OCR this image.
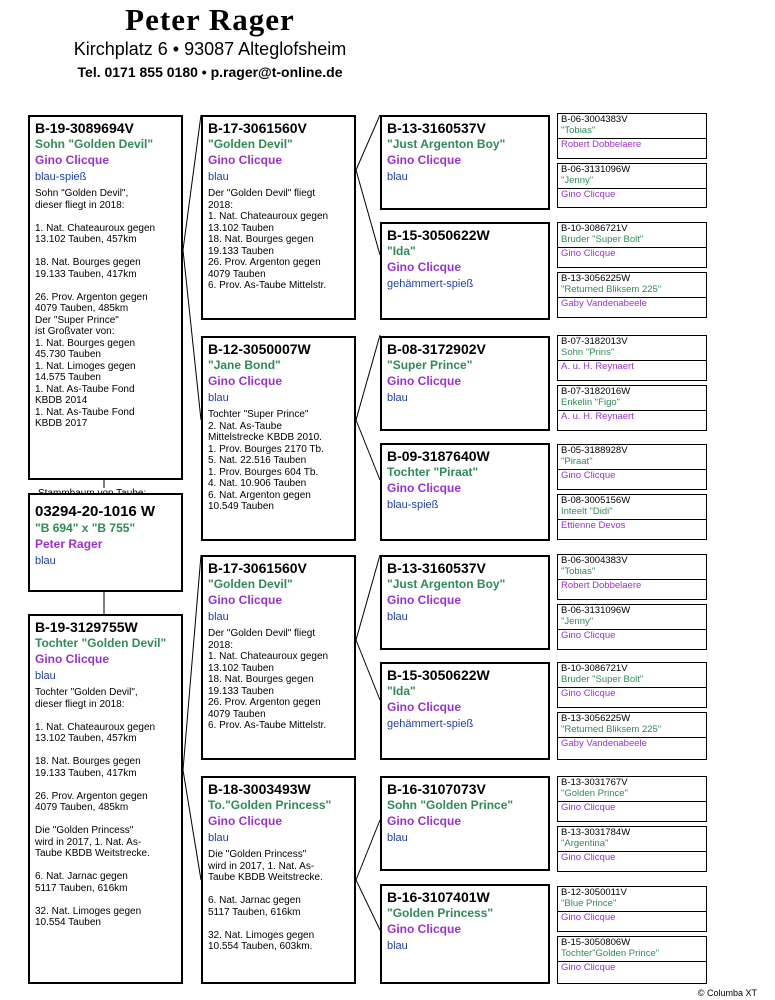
Peter Rager
Kirchplatz 6 • 93087 Alteglofsheim
Tel. 0171 855 0180 • p.rager@t-online.de
B-19-3089694V
Sohn "Golden Devil"
Gino Clicque
blau-spieß
Sohn "Golden Devil",
dieser fliegt in 2018:

1. Nat. Chateauroux gegen
13.102 Tauben, 457km

18. Nat. Bourges gegen
19.133 Tauben, 417km

26. Prov. Argenton gegen
4079 Tauben, 485km
Der "Super Prince"
ist Großvater von:
1. Nat. Bourges gegen
45.730 Tauben
1. Nat. Limoges gegen
14.575 Tauben
1. Nat. As-Taube Fond
KBDB 2014
1. Nat. As-Taube Fond
KBDB 2017
03294-20-1016 W
"B 694" x "B 755"
Peter Rager
blau
B-19-3129755W
Tochter "Golden Devil"
Gino Clicque
blau
Tochter "Golden Devil",
dieser fliegt in 2018:

1. Nat. Chateauroux gegen
13.102 Tauben, 457km

18. Nat. Bourges gegen
19.133 Tauben, 417km

26. Prov. Argenton gegen
4079 Tauben, 485km

Die "Golden Princess"
wird in 2017, 1. Nat. As-
Taube KBDB Weitstrecke.

6. Nat. Jarnac gegen
5117 Tauben, 616km

32. Nat. Limoges gegen
10.554 Tauben
B-17-3061560V
"Golden Devil"
Gino Clicque
blau
Der "Golden Devil" fliegt
2018:
1. Nat. Chateauroux gegen
13.102 Tauben
18. Nat. Bourges gegen
19.133 Tauben
26. Prov. Argenton gegen
4079 Tauben
6. Prov. As-Taube Mittelstr.
B-12-3050007W
"Jane Bond"
Gino Clicque
blau
Tochter "Super Prince"
2. Nat. As-Taube
Mittelstrecke KBDB 2010.
1. Prov. Bourges 2170 Tb.
5. Nat. 22.516 Tauben
1. Prov. Bourges 604 Tb.
4. Nat. 10.906 Tauben
6. Nat. Argenton gegen
10.549 Tauben
B-17-3061560V
"Golden Devil"
Gino Clicque
blau
Der "Golden Devil" fliegt
2018:
1. Nat. Chateauroux gegen
13.102 Tauben
18. Nat. Bourges gegen
19.133 Tauben
26. Prov. Argenton gegen
4079 Tauben
6. Prov. As-Taube Mittelstr.
B-18-3003493W
To."Golden Princess"
Gino Clicque
blau
Die "Golden Princess"
wird in 2017, 1. Nat. As-
Taube KBDB Weitstrecke.

6. Nat. Jarnac gegen
5117 Tauben, 616km

32. Nat. Limoges gegen
10.554 Tauben, 603km.
B-13-3160537V
"Just Argenton Boy"
Gino Clicque
blau
B-15-3050622W
"Ida"
Gino Clicque
gehämmert-spieß
B-08-3172902V
"Super Prince"
Gino Clicque
blau
B-09-3187640W
Tochter "Piraat"
Gino Clicque
blau-spieß
B-13-3160537V
"Just Argenton Boy"
Gino Clicque
blau
B-15-3050622W
"Ida"
Gino Clicque
gehämmert-spieß
B-16-3107073V
Sohn "Golden Prince"
Gino Clicque
blau
B-16-3107401W
"Golden Princess"
Gino Clicque
blau
B-06-3004383V
"Tobias"
Robert Dobbelaere
B-06-3131096W
"Jenny"
Gino Clicque
B-10-3086721V
Bruder "Super Bolt"
Gino Clicque
B-13-3056225W
"Returned Bliksem 225"
Gaby Vandenabeele
B-07-3182013V
Sohn "Prins"
A. u. H. Reynaert
B-07-3182016W
Enkelin "Figo"
A. u. H. Reynaert
B-05-3188928V
"Piraat"
Gino Clicque
B-08-3005156W
Inteelt "Didi"
Ettienne Devos
B-06-3004383V
"Tobias"
Robert Dobbelaere
B-06-3131096W
"Jenny"
Gino Clicque
B-10-3086721V
Bruder "Super Bolt"
Gino Clicque
B-13-3056225W
"Returned Bliksem 225"
Gaby Vandenabeele
B-13-3031767V
"Golden Prince"
Gino Clicque
B-13-3031784W
"Argentina"
Gino Clicque
B-12-3050011V
"Blue Prince"
Gino Clicque
B-15-3050806W
Tochter"Golden Prince"
Gino Clicque
© Columba XT
